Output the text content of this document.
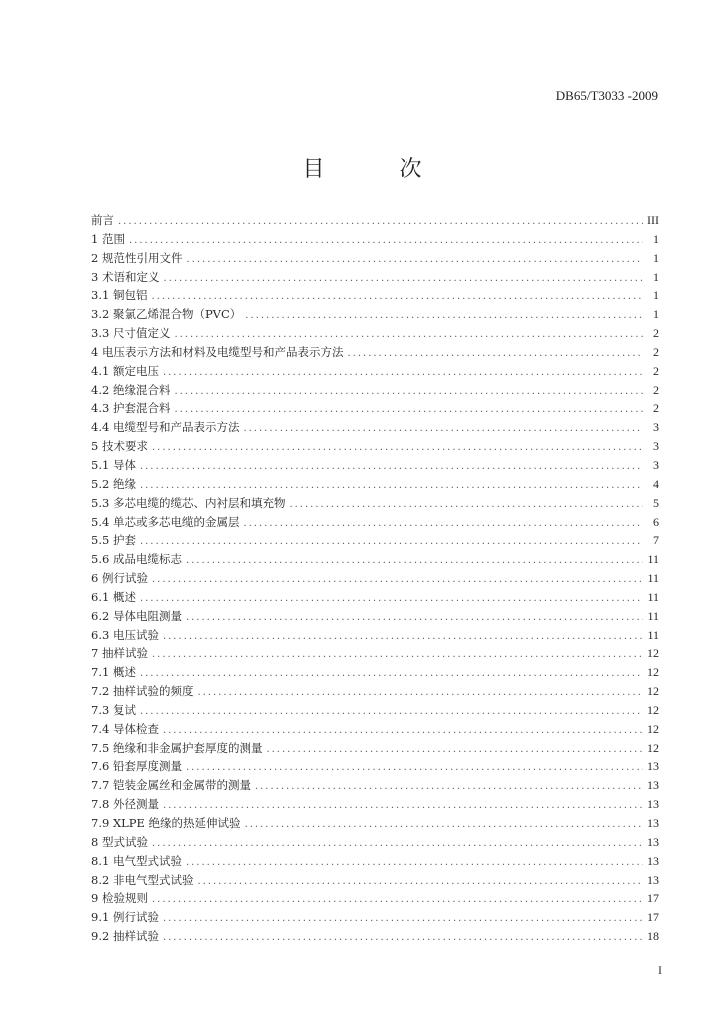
DB65/T3033 -2009
目 次
前言 .....	III
1 范围 .....	1
2 规范性引用文件 .....	1
3 术语和定义 .....	1
3.1 铜包铝 .....	1
3.2 聚氯乙烯混合物（PVC） .....	1
3.3 尺寸值定义 .....	2
4 电压表示方法和材料及电缆型号和产品表示方法 .....	2
4.1 额定电压 .....	2
4.2 绝缘混合料 .....	2
4.3 护套混合料 .....	2
4.4 电缆型号和产品表示方法 .....	3
5 技术要求 .....	3
5.1 导体 .....	3
5.2 绝缘 .....	4
5.3 多芯电缆的缆芯、内衬层和填充物 .....	5
5.4 单芯或多芯电缆的金属层 .....	6
5.5 护套 .....	7
5.6 成品电缆标志 .....	11
6 例行试验 .....	11
6.1 概述 .....	11
6.2 导体电阻测量 .....	11
6.3 电压试验 .....	11
7 抽样试验 .....	12
7.1 概述 .....	12
7.2 抽样试验的频度 .....	12
7.3 复试 .....	12
7.4 导体检查 .....	12
7.5 绝缘和非金属护套厚度的测量 .....	12
7.6 铅套厚度测量 .....	13
7.7 铠装金属丝和金属带的测量 .....	13
7.8 外径测量 .....	13
7.9 XLPE 绝缘的热延伸试验 .....	13
8 型式试验 .....	13
8.1 电气型式试验 .....	13
8.2 非电气型式试验 .....	13
9 检验规则 .....	17
9.1 例行试验 .....	17
9.2 抽样试验 .....	18
I
